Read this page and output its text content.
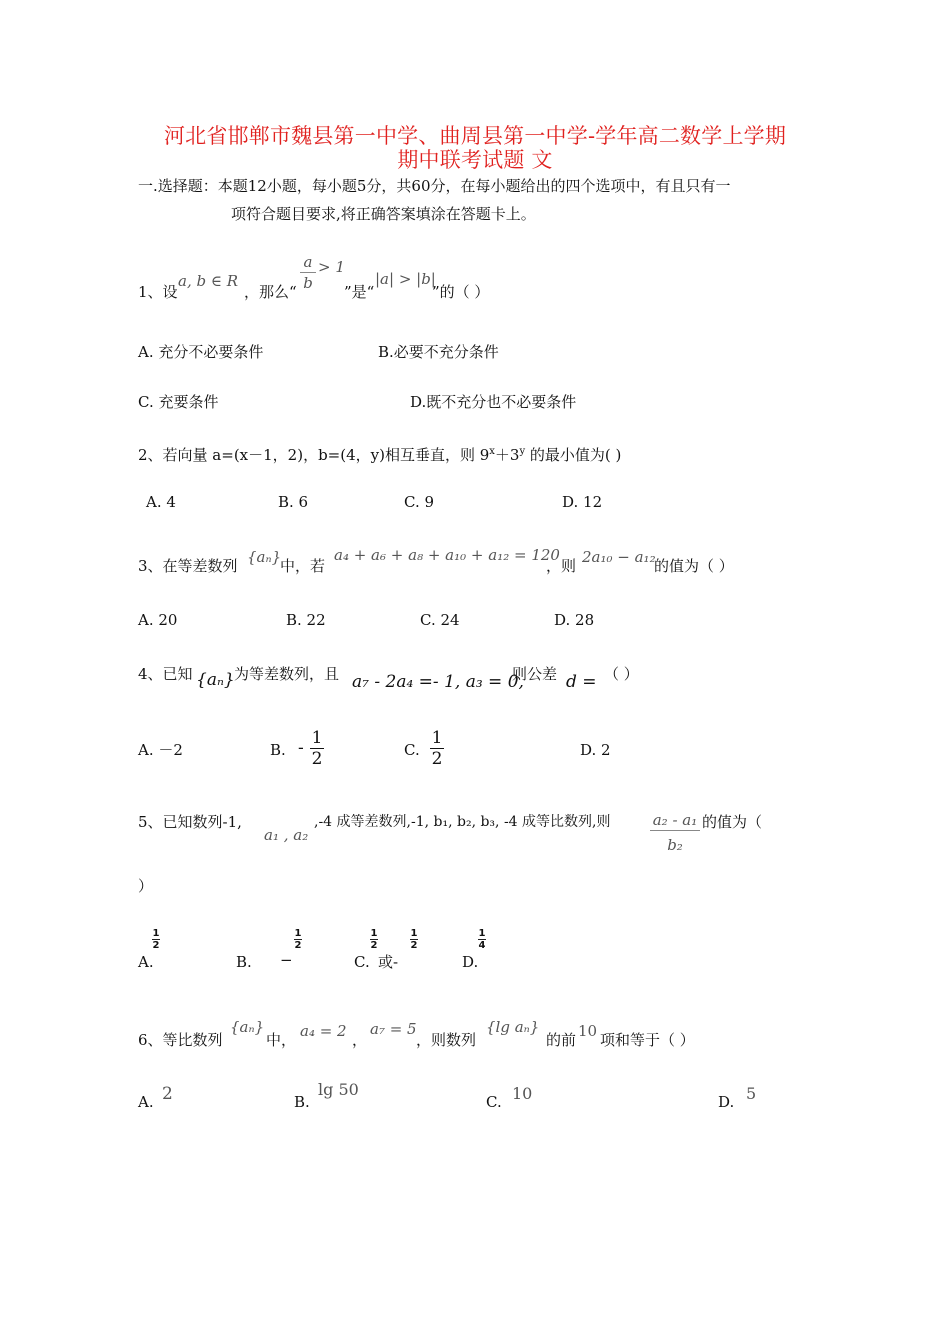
河北省邯郸市魏县第一中学、曲周县第一中学-学年高二数学上学期
期中联考试题 文
一.选择题：本题12小题，每小题5分，共60分，在每小题给出的四个选项中，有且只有一
项符合题目要求,将正确答案填涂在答题卡上。
1、设
a, b ∈ R
，那么“ $\frac{a}{b} > 1$
”是“
|a| > |b|
”的（ ）
A. 充分不必要条件	B.必要不充分条件
C. 充要条件	D.既不充分也不必要条件
2、若向量 a=(x－1，2)，b=(4，y)相互垂直，则 $9^x+3^y$ 的最小值为( )
A. 4	B. 6	C. 9	D. 12
3、在等差数列 {aₙ}
中，若
a₄ + a₆ + a₈ + a₁₀ + a₁₂ = 120
，则 2a₁₀ − a₁₂
的值为（ ）
A. 20	B. 22	C. 24	D. 28
4、已知 {aₙ} 为等差数列，且 a₇ - 2a₄ =- 1, a₃ = 0,
则公差 d = （ ）
A. －2	B. - $\frac{1}{2}$	C. $\frac{1}{2}$	D. 2
5、已知数列-1,
a₁ , a₂
,-4 成等差数列,-1, b₁, b₂, b₃, -4 成等比数列,则	$\frac{\text{a₂ - a₁}}{\text{b₂}}$ 的值为（
）
A.
$\frac{1}{2}$
B. −
$\frac{1}{2}$
C.
1
2
或-
1
2
D.
$\frac{1}{4}$
6、等比数列
{aₙ}
中， a₄ = 2 ，
a₇ = 5
，则数列
{lg aₙ}
的前 10 项和等于（ ）
A. 2	B.
lg 50
C. 10	D. 5
